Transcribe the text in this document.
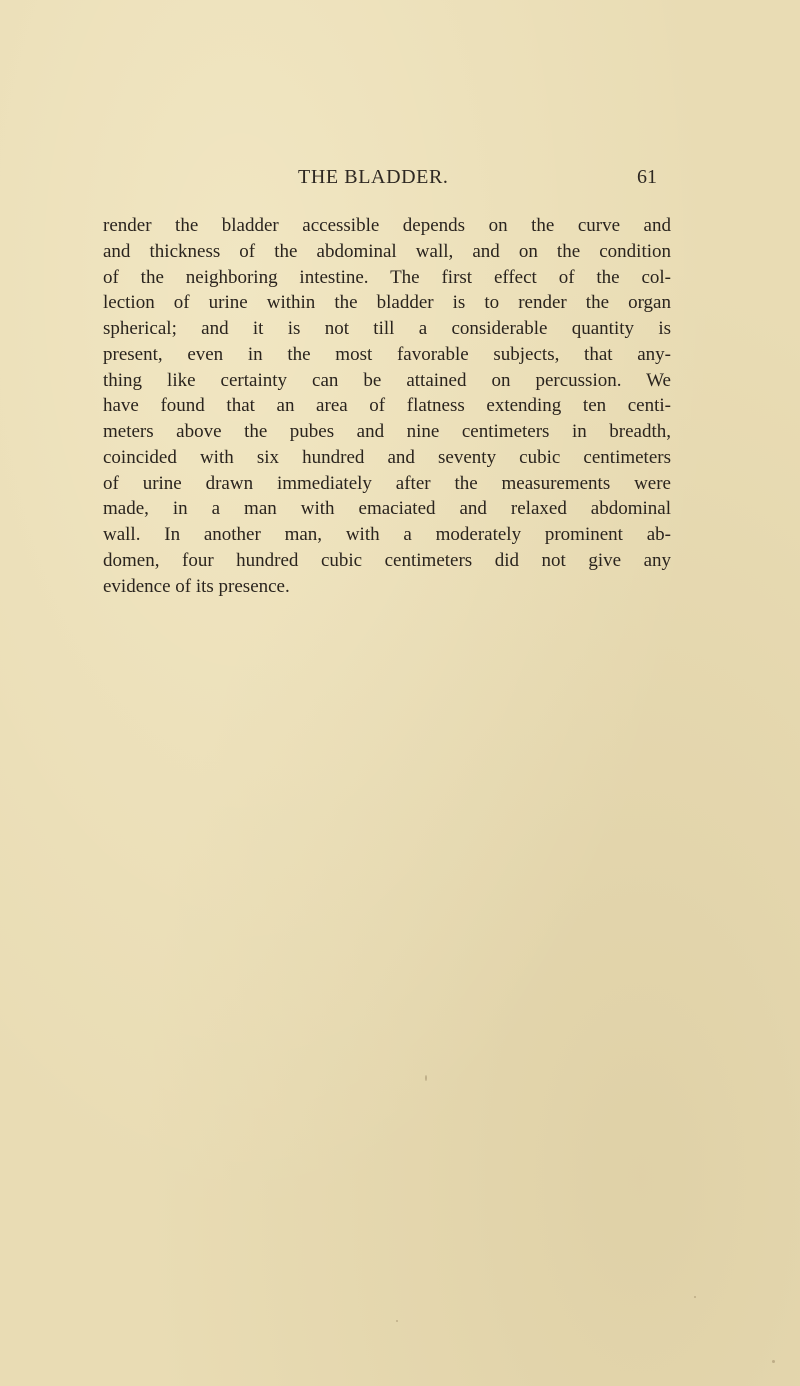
THE BLADDER.	61
render the bladder accessible depends on the curve and
and thickness of the abdominal wall, and on the condition
of the neighboring intestine. The first effect of the col-
lection of urine within the bladder is to render the organ
spherical; and it is not till a considerable quantity is
present, even in the most favorable subjects, that any-
thing like certainty can be attained on percussion. We
have found that an area of flatness extending ten centi-
meters above the pubes and nine centimeters in breadth,
coincided with six hundred and seventy cubic centimeters
of urine drawn immediately after the measurements were
made, in a man with emaciated and relaxed abdominal
wall. In another man, with a moderately prominent ab-
domen, four hundred cubic centimeters did not give any
evidence of its presence.
